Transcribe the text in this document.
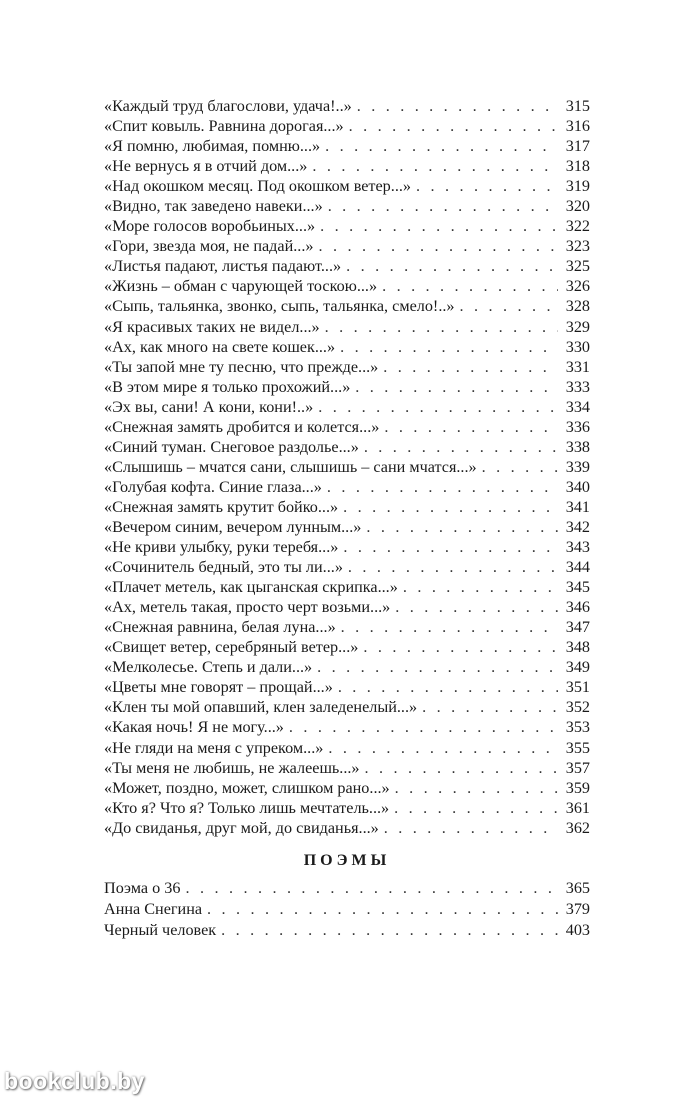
«Каждый труд благослови, удача!..» . . .	315
«Спит ковыль. Равнина дорогая...» . . .	316
«Я помню, любимая, помню...» . . .	317
«Не вернусь я в отчий дом...» . . .	318
«Над окошком месяц. Под окошком ветер...» . . .	319
«Видно, так заведено навеки...» . . .	320
«Море голосов воробьиных...» . . .	322
«Гори, звезда моя, не падай...» . . .	323
«Листья падают, листья падают...» . . .	325
«Жизнь – обман с чарующей тоскою...» . . .	326
«Сыпь, тальянка, звонко, сыпь, тальянка, смело!..» . . .	328
«Я красивых таких не видел...» . . .	329
«Ах, как много на свете кошек...» . . .	330
«Ты запой мне ту песню, что прежде...» . . .	331
«В этом мире я только прохожий...» . . .	333
«Эх вы, сани! А кони, кони!..» . . .	334
«Снежная замять дробится и колется...» . . .	336
«Синий туман. Снеговое раздолье...» . . .	338
«Слышишь – мчатся сани, слышишь – сани мчатся...» . . .	339
«Голубая кофта. Синие глаза...» . . .	340
«Снежная замять крутит бойко...» . . .	341
«Вечером синим, вечером лунным...» . . .	342
«Не криви улыбку, руки теребя...» . . .	343
«Сочинитель бедный, это ты ли...» . . .	344
«Плачет метель, как цыганская скрипка...» . . .	345
«Ах, метель такая, просто черт возьми...» . . .	346
«Снежная равнина, белая луна...» . . .	347
«Свищет ветер, серебряный ветер...» . . .	348
«Мелколесье. Степь и дали...» . . .	349
«Цветы мне говорят – прощай...» . . .	351
«Клен ты мой опавший, клен заледенелый...» . . .	352
«Какая ночь! Я не могу...» . . .	353
«Не гляди на меня с упреком...» . . .	355
«Ты меня не любишь, не жалеешь...» . . .	357
«Может, поздно, может, слишком рано...» . . .	359
«Кто я? Что я? Только лишь мечтатель...» . . .	361
«До свиданья, друг мой, до свиданья...» . . .	362
ПОЭМЫ
Поэма о 36 . . .	365
Анна Снегина . . .	379
Черный человек . . .	403
bookclub.by
